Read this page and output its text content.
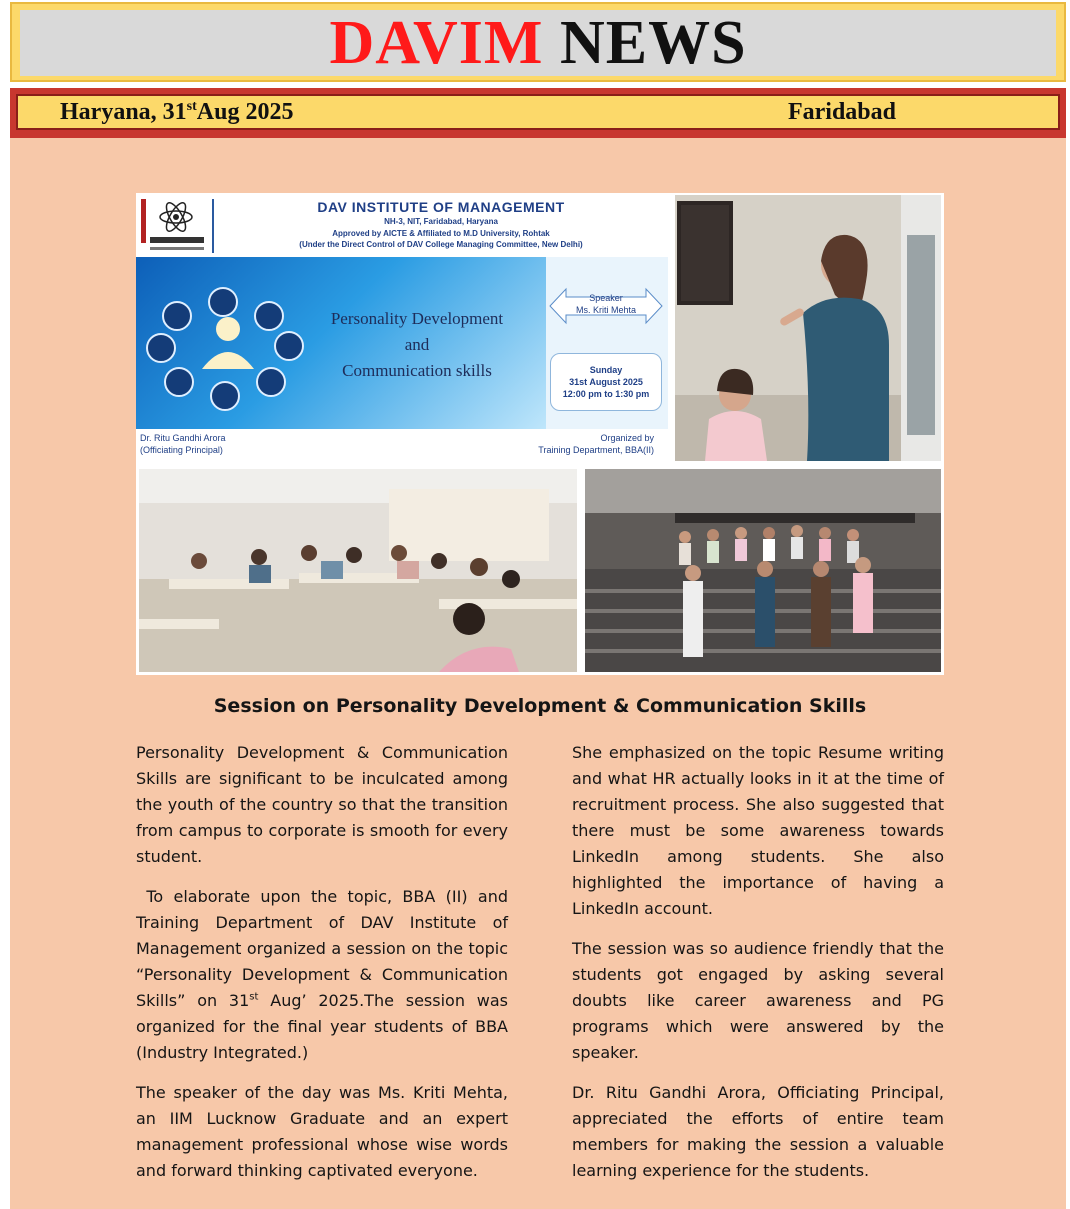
DAVIM NEWS
Haryana, 31stAug 2025	Faridabad
DAV INSTITUTE OF MANAGEMENT
NH-3, NIT, Faridabad, Haryana
Approved by AICTE & Affiliated to M.D University, Rohtak
(Under the Direct Control of DAV College Managing Committee, New Delhi)
Personality Development
and
Communication skills
Speaker
Ms. Kriti Mehta
Sunday
31st August 2025
12:00 pm to 1:30 pm
Dr. Ritu Gandhi Arora
(Officiating Principal)
Organized by
Training Department, BBA(II)
Session on Personality Development & Communication Skills

Personality Development & Communication Skills are significant to be inculcated among the youth of the country so that the transition from campus to corporate is smooth for every student.

To elaborate upon the topic, BBA (II) and Training Department of DAV Institute of Management organized a session on the topic “Personality Development & Communication Skills” on 31st Aug’ 2025.The session was organized for the final year students of BBA (Industry Integrated.)

The speaker of the day was Ms. Kriti Mehta, an IIM Lucknow Graduate and an expert management professional whose wise words and forward thinking captivated everyone.

She emphasized on the topic Resume writing and what HR actually looks in it at the time of recruitment process. She also suggested that there must be some awareness towards LinkedIn among students. She also highlighted the importance of having a LinkedIn account.

The session was so audience friendly that the students got engaged by asking several doubts like career awareness and PG programs which were answered by the speaker.

Dr. Ritu Gandhi Arora, Officiating Principal, appreciated the efforts of entire team members for making the session a valuable learning experience for the students.
